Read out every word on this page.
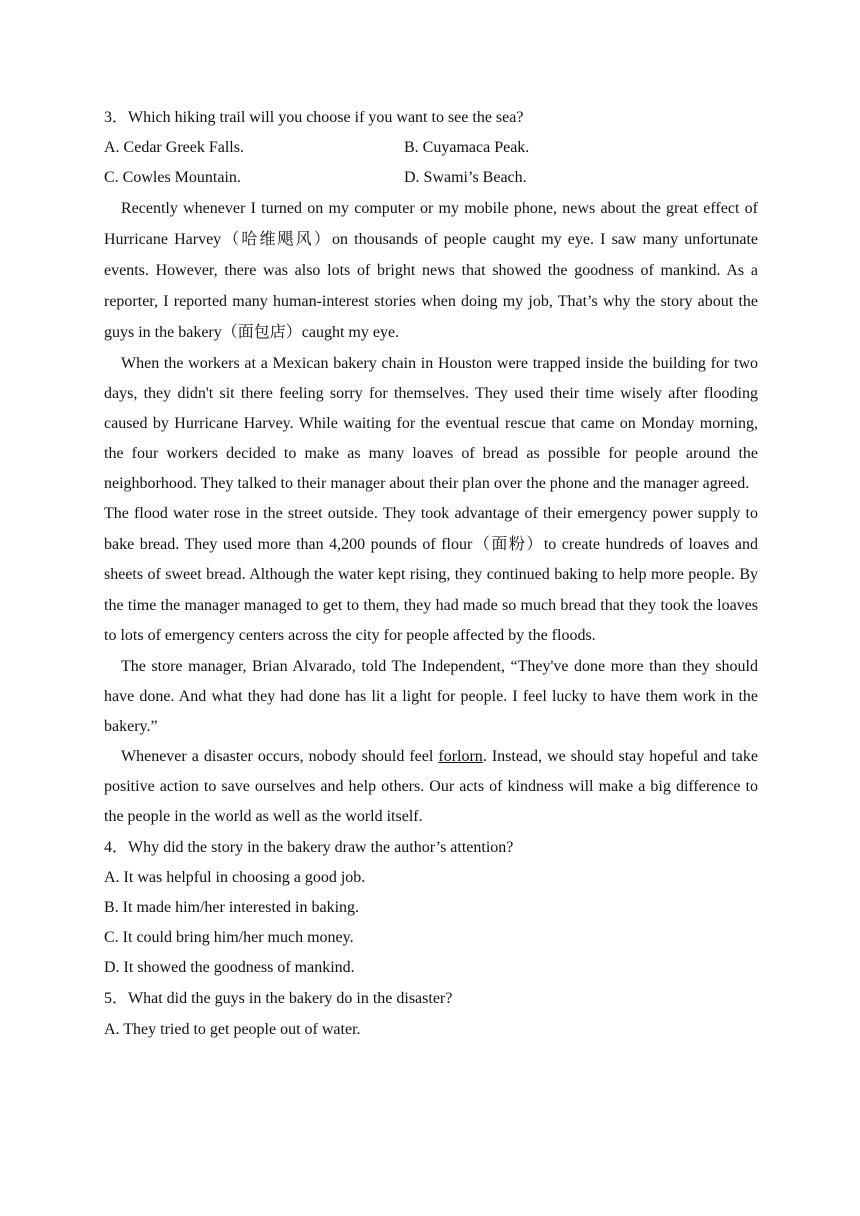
3．Which hiking trail will you choose if you want to see the sea?
A. Cedar Greek Falls.	B. Cuyamaca Peak.
C. Cowles Mountain.	D. Swami’s Beach.

Recently whenever I turned on my computer or my mobile phone, news about the great effect of Hurricane Harvey（哈维飓风）on thousands of people caught my eye. I saw many unfortunate events. However, there was also lots of bright news that showed the goodness of mankind. As a reporter, I reported many human-interest stories when doing my job, That’s why the story about the guys in the bakery（面包店）caught my eye.

When the workers at a Mexican bakery chain in Houston were trapped inside the building for two days, they didn't sit there feeling sorry for themselves. They used their time wisely after flooding caused by Hurricane Harvey. While waiting for the eventual rescue that came on Monday morning, the four workers decided to make as many loaves of bread as possible for people around the neighborhood. They talked to their manager about their plan over the phone and the manager agreed.

The flood water rose in the street outside. They took advantage of their emergency power supply to bake bread. They used more than 4,200 pounds of flour（面粉）to create hundreds of loaves and sheets of sweet bread. Although the water kept rising, they continued baking to help more people. By the time the manager managed to get to them, they had made so much bread that they took the loaves to lots of emergency centers across the city for people affected by the floods.

The store manager, Brian Alvarado, told The Independent, “They've done more than they should have done. And what they had done has lit a light for people. I feel lucky to have them work in the bakery.”

Whenever a disaster occurs, nobody should feel forlorn. Instead, we should stay hopeful and take positive action to save ourselves and help others. Our acts of kindness will make a big difference to the people in the world as well as the world itself.

4．Why did the story in the bakery draw the author’s attention?
A. It was helpful in choosing a good job.
B. It made him/her interested in baking.
C. It could bring him/her much money.
D. It showed the goodness of mankind.
5．What did the guys in the bakery do in the disaster?
A. They tried to get people out of water.
